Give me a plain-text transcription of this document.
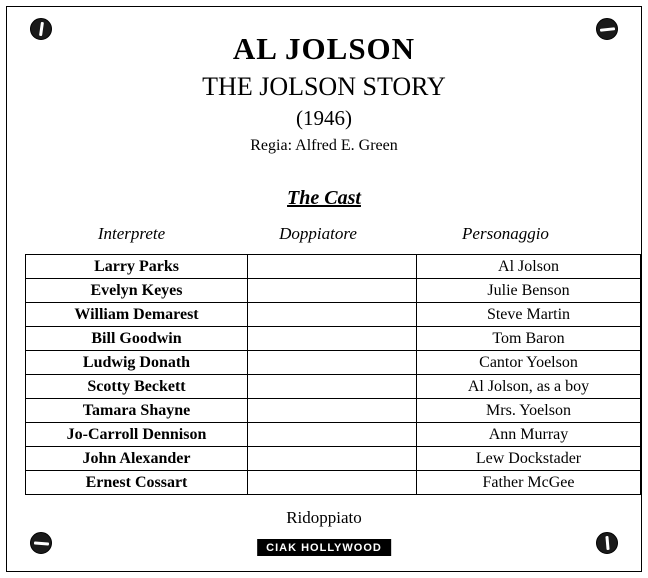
AL JOLSON
THE JOLSON STORY
(1946)
Regia: Alfred E. Green
The Cast
Interprete	Doppiatore	Personaggio
Larry Parks		Al Jolson
Evelyn Keyes		Julie Benson
William Demarest		Steve Martin
Bill Goodwin		Tom Baron
Ludwig Donath		Cantor Yoelson
Scotty Beckett		Al Jolson, as a boy
Tamara Shayne		Mrs. Yoelson
Jo-Carroll Dennison		Ann Murray
John Alexander		Lew Dockstader
Ernest Cossart		Father McGee
Ridoppiato
CIAK HOLLYWOOD
